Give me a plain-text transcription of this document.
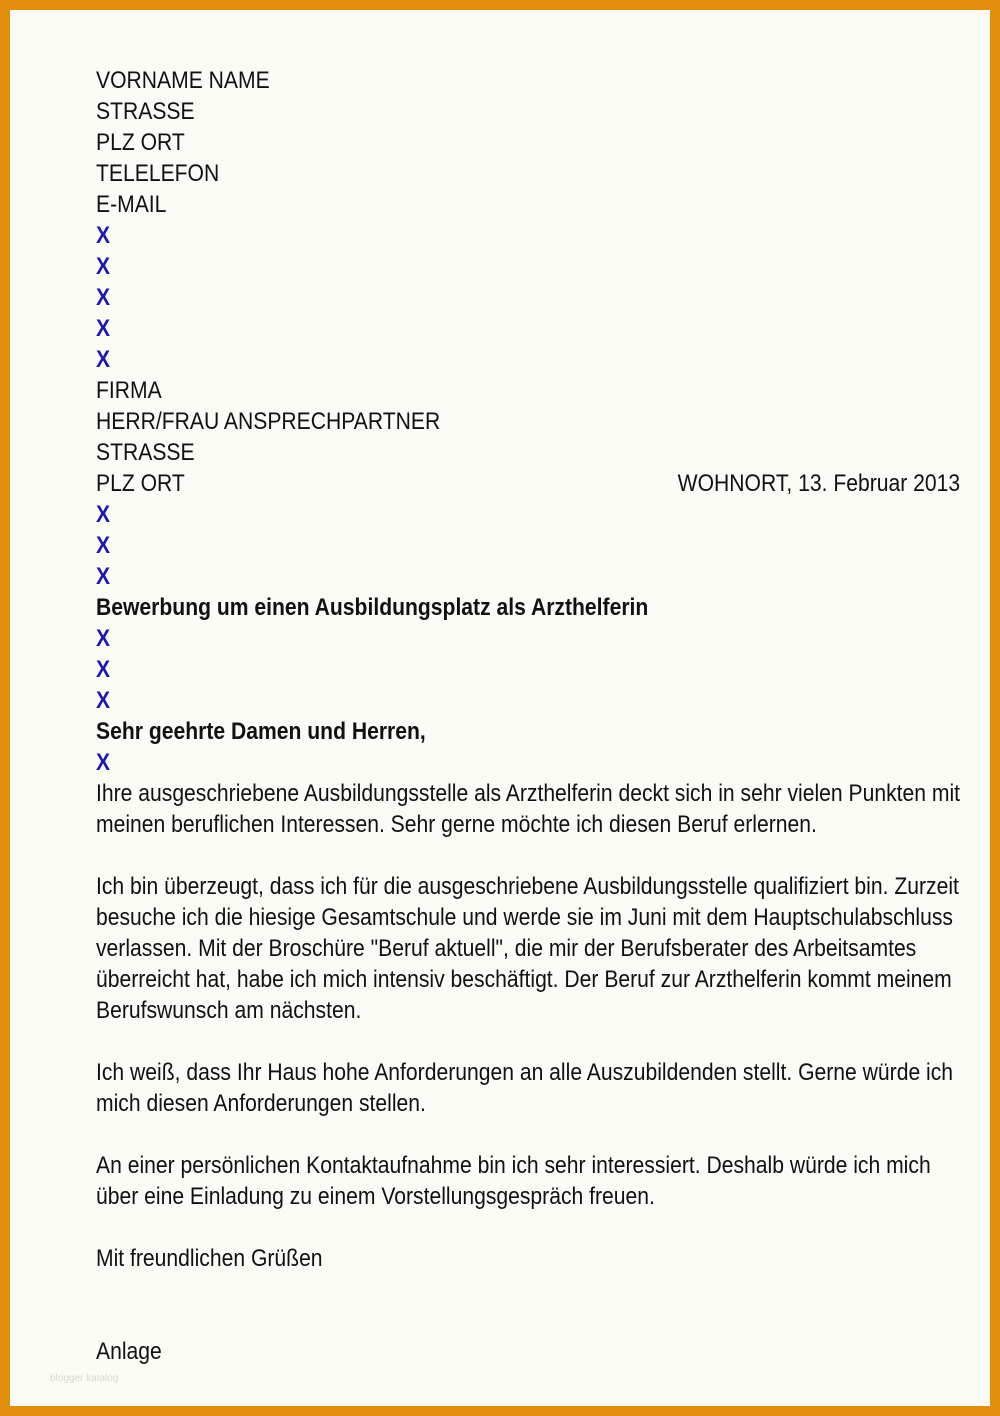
VORNAME NAME
STRASSE
PLZ ORT
TELELEFON
E-MAIL
X
X
X
X
X
FIRMA
HERR/FRAU ANSPRECHPARTNER
STRASSE
PLZ ORT	WOHNORT, 13. Februar 2013
X
X
X
Bewerbung um einen Ausbildungsplatz als Arzthelferin
X
X
X
Sehr geehrte Damen und Herren,
X
Ihre ausgeschriebene Ausbildungsstelle als Arzthelferin deckt sich in sehr vielen Punkten mit
meinen beruflichen Interessen. Sehr gerne möchte ich diesen Beruf erlernen.
Ich bin überzeugt, dass ich für die ausgeschriebene Ausbildungsstelle qualifiziert bin. Zurzeit
besuche ich die hiesige Gesamtschule und werde sie im Juni mit dem Hauptschulabschluss
verlassen. Mit der Broschüre "Beruf aktuell", die mir der Berufsberater des Arbeitsamtes
überreicht hat, habe ich mich intensiv beschäftigt. Der Beruf zur Arzthelferin kommt meinem
Berufswunsch am nächsten.
Ich weiß, dass Ihr Haus hohe Anforderungen an alle Auszubildenden stellt. Gerne würde ich
mich diesen Anforderungen stellen.
An einer persönlichen Kontaktaufnahme bin ich sehr interessiert. Deshalb würde ich mich
über eine Einladung zu einem Vorstellungsgespräch freuen.
Mit freundlichen Grüßen
Anlage
blogger katalog
